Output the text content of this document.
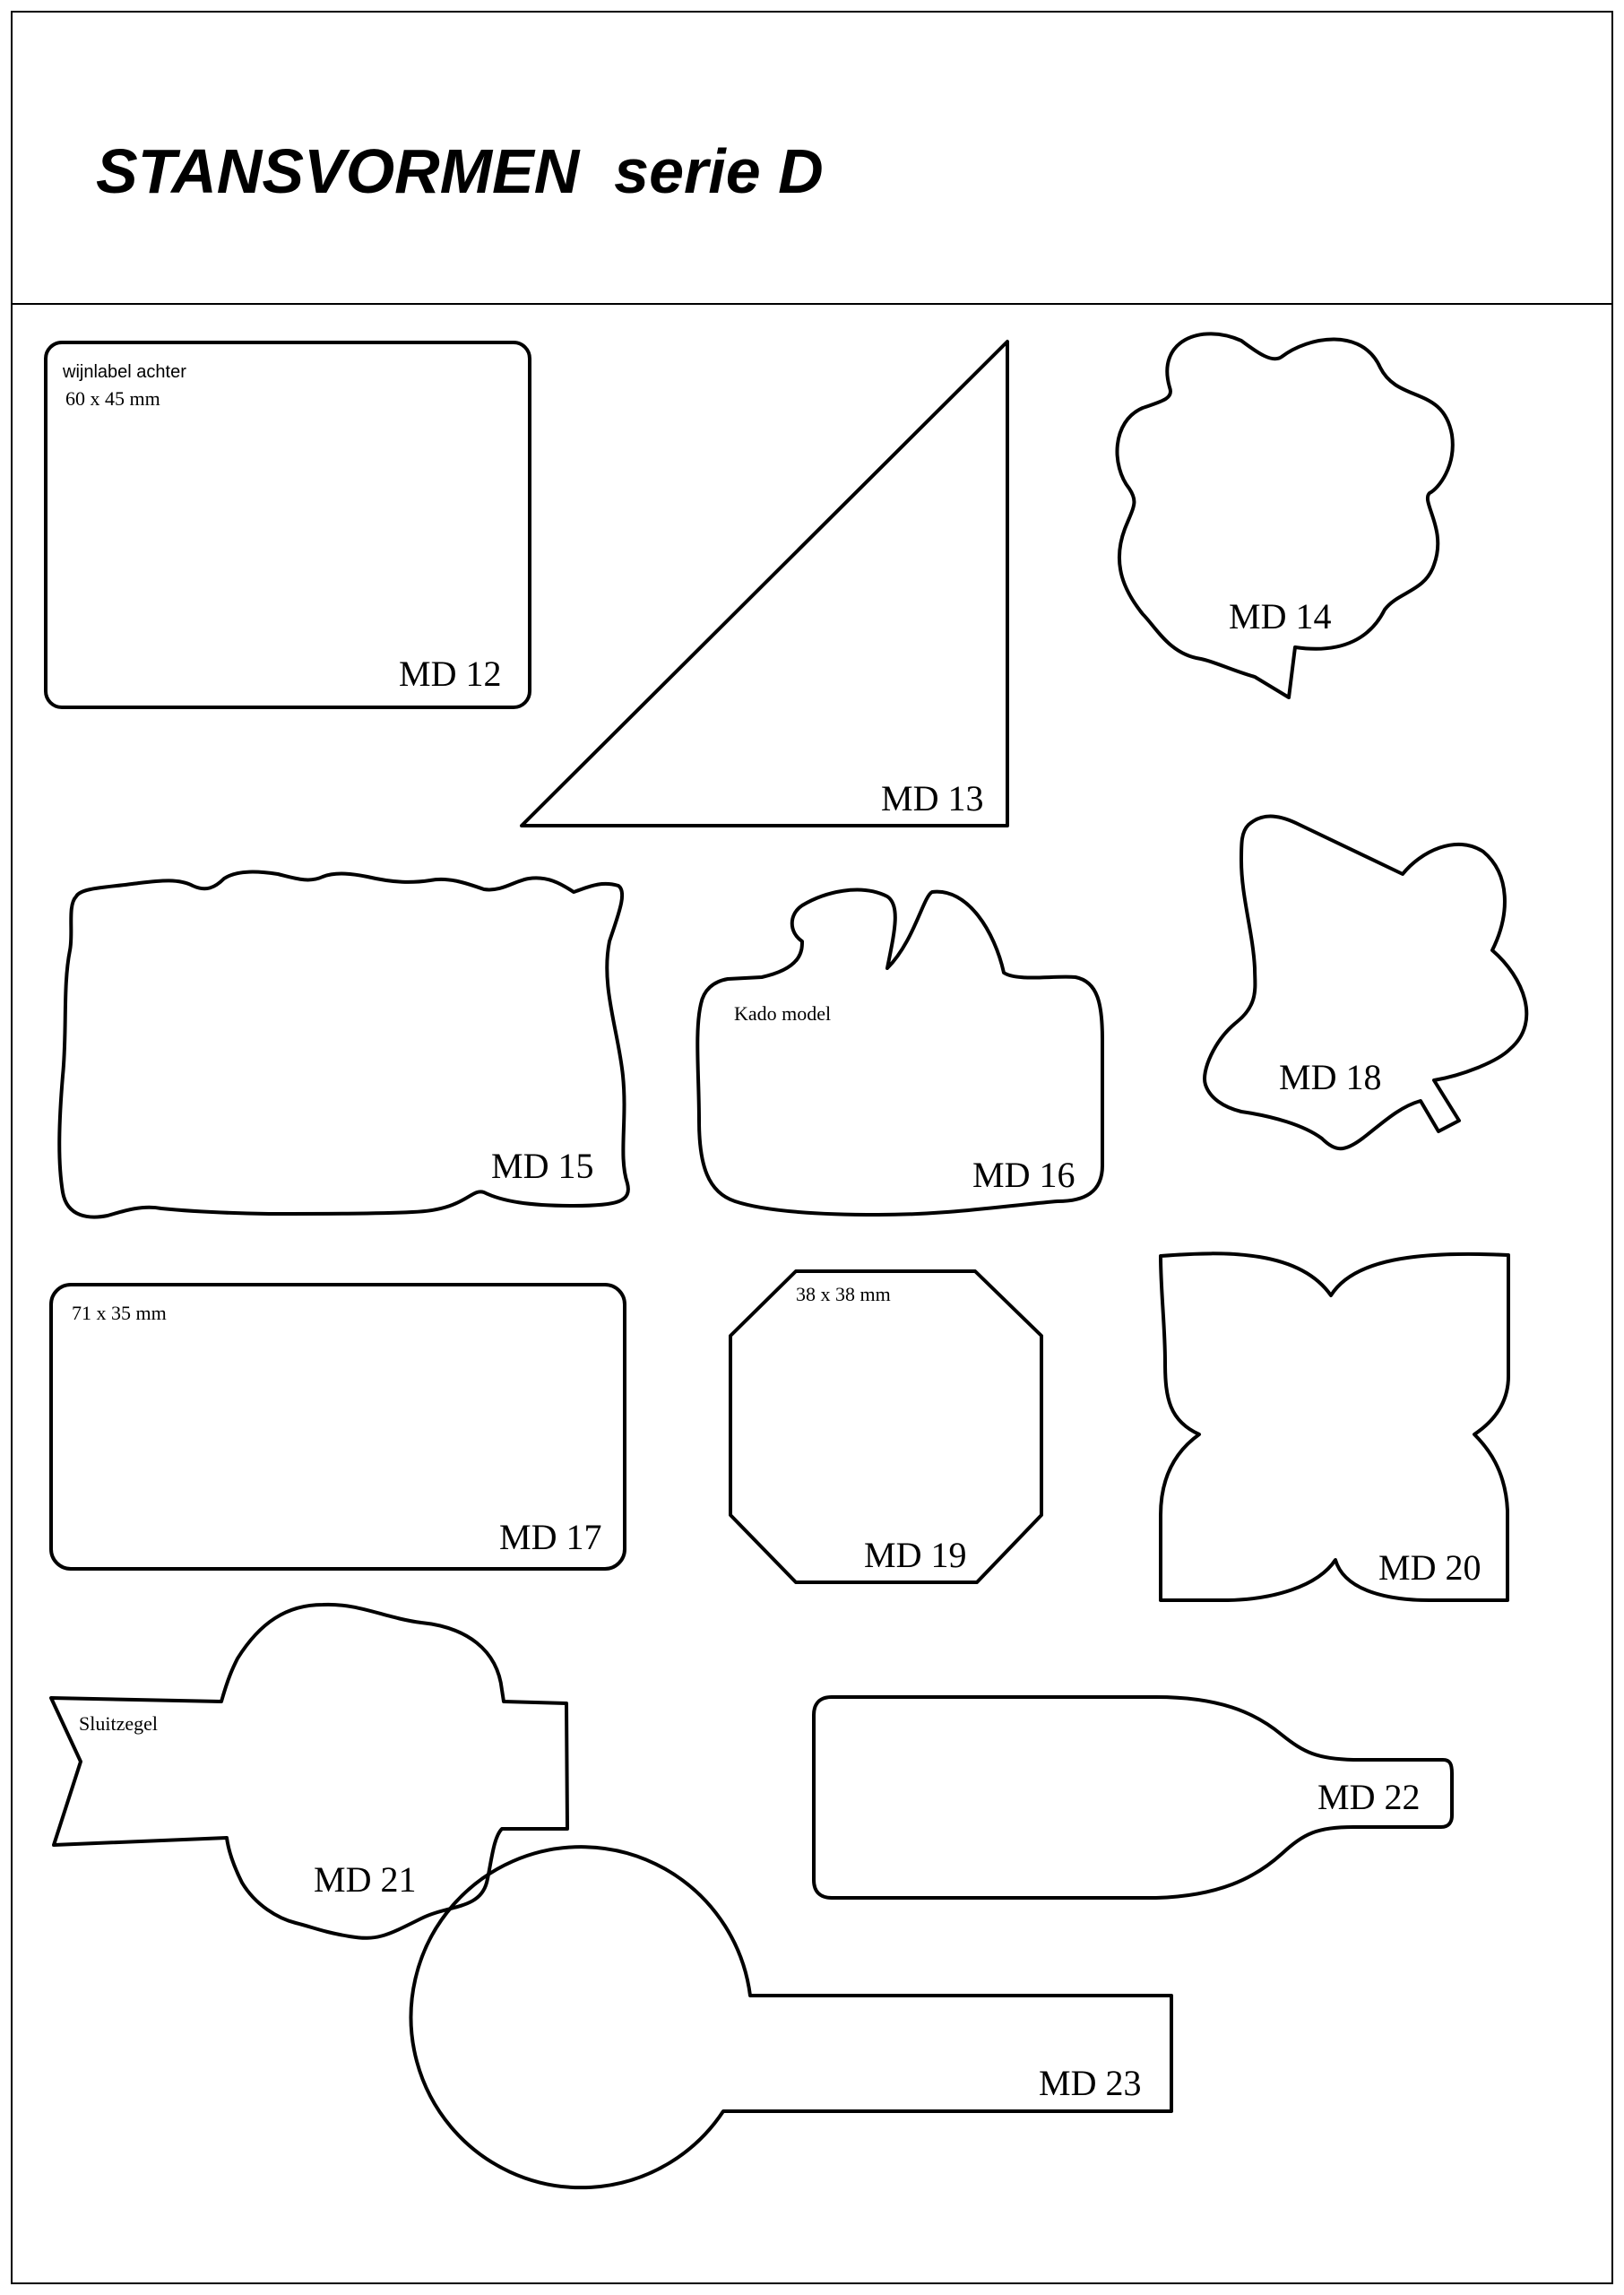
STANSVORMEN  serie D
wijnlabel achter
60 x 45 mm
MD 12
MD 13
MD 14
MD 15
Kado model
MD 16
71 x 35 mm
MD 17
MD 18
38 x 38 mm
MD 19	MD 20
Sluitzegel
MD 21
MD 22
MD 23
